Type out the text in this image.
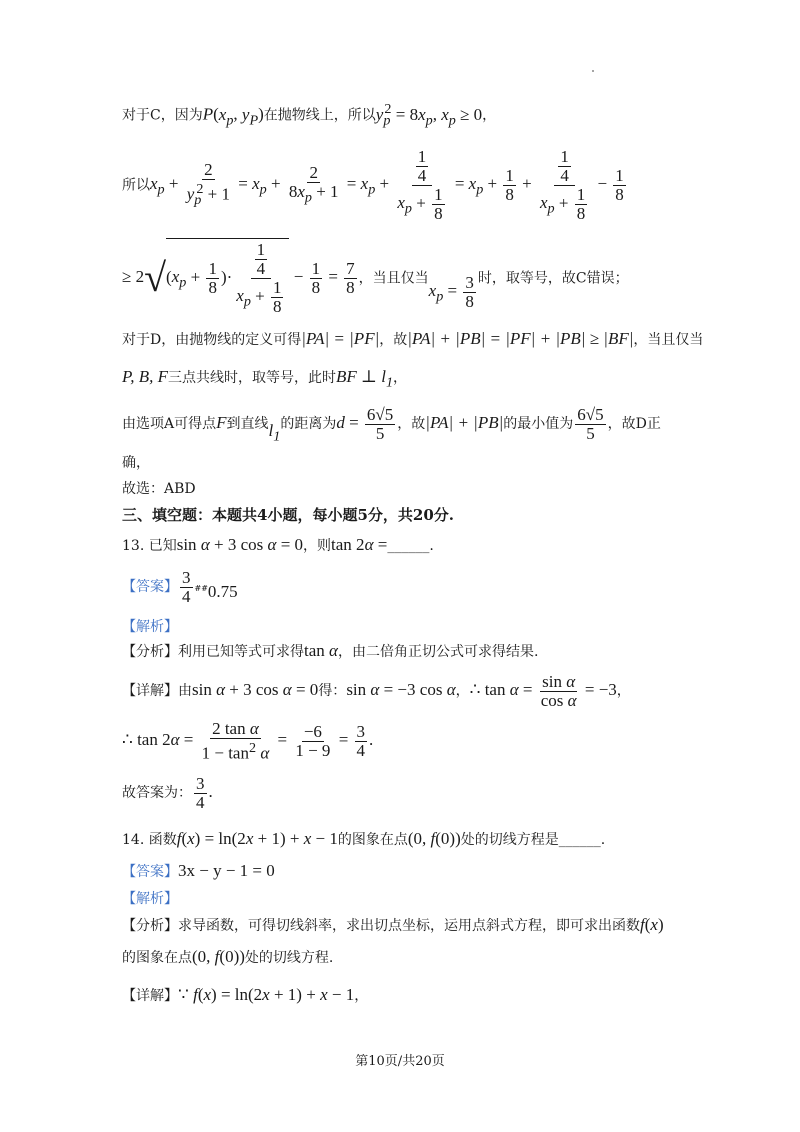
对于C，因为$P(x_p$, $y_P$)在抛物线上，所以$y_p^2 = 8x_p$, $x_p \ge 0$，
所以$x_p + \frac{2}{y_p^2 + 1} = x_p + \frac{2}{8x_p + 1} = x_p + \frac{\frac{1}{4}}{x_p + \frac{1}{8}} = x_p + \frac{1}{8} + \frac{\frac{1}{4}}{x_p + \frac{1}{8}} - \frac{1}{8}$
≥ $2√(x_p + \frac{1}{8}$ )· $\frac{\frac{1}{4}}{x_p + \frac{1}{8}} - \frac{1}{8} = \frac{7}{8}$ ，当且仅当$x_p = \frac{3}{8}$ 时，取等号，故C错误；
对于D，由抛物线的定义可得|PA| = |PF|，故|PA| + |PB| = |PF| + |PB| ≥ |BF|，当且仅当
P, B, F三点共线时，取等号，此时BF ⊥ $l_1$，
由选项A可得点F到直线$l_1$的距离为$d = \frac{6√5}{5}$ ，故|PA| + |PB|的最小值为 $\frac{6√5}{5}$ ，故D正
确，
故选：ABD
三、填空题：本题共4小题，每小题5分，共20分.
13. 已知sin α + 3 cos α = 0，则tan 2α =______.
【答案】 $\frac{3}{4}$ ##0.75
【解析】
【分析】利用已知等式可求得tan α，由二倍角正切公式可求得结果.
【详解】由sin α + 3 cos α = 0得：sin α = −3 cos α，∴ $\tan \alpha = \frac{\text{sin α}}{\text{cos α}} = -3$，
∴ $\tan 2\alpha = \frac{\text{2 tan α}}{1 - \tan^2 \alpha} = \frac{-6}{1 - 9} = \frac{3}{4}$ .
故答案为： $\frac{3}{4}$ .
14. 函数f(x) = ln(2x + 1) + x − 1的图象在点(0, f(0))处的切线方程是______.
【答案】3x − y − 1 = 0
【解析】
【分析】求导函数，可得切线斜率，求出切点坐标，运用点斜式方程，即可求出函数f(x)
的图象在点(0, f(0))处的切线方程.
【详解】∵ f(x) = ln(2x + 1) + x − 1，
第10页/共20页
